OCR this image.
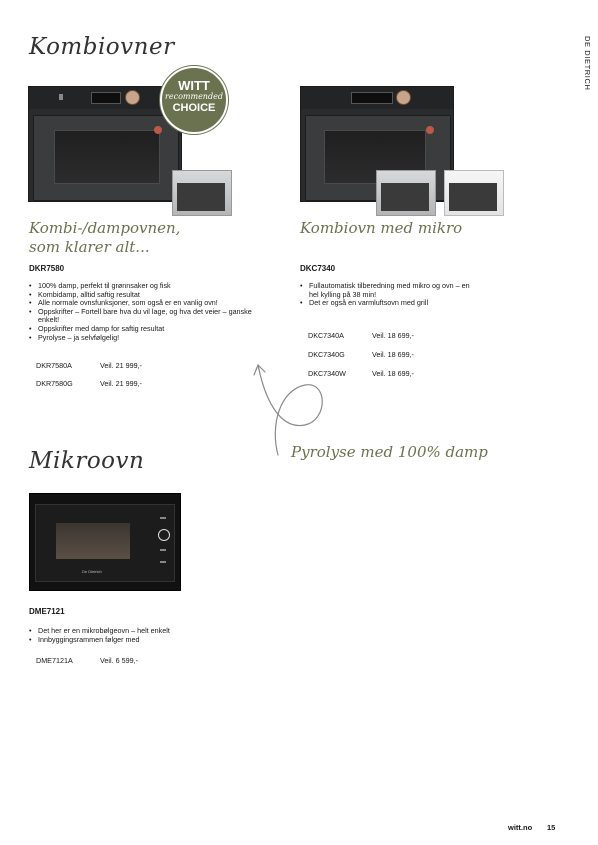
DE DIETRICH
Kombiovner
WITT
recommended
CHOICE
Kombi-/dampovnen,
som klarer alt...
DKR7580
• 100% damp, perfekt til grønnsaker og fisk
• Kombidamp, alltid saftig resultat
• Alle normale ovnsfunksjoner, som også er en vanlig ovn!
• Oppskrifter – Fortell bare hva du vil lage, og hva det veier – ganske enkelt!
• Oppskrifter med damp for saftig resultat
• Pyrolyse – ja selvfølgelig!
DKR7580A	Veil. 21 999,-
DKR7580G	Veil. 21 999,-
Kombiovn med mikro
DKC7340
• Fullautomatisk tilberedning med mikro og ovn – en hel kylling på 38 min!
• Det er også en varmluftsovn med grill
DKC7340A	Veil. 18 699,-
DKC7340G	Veil. 18 699,-
DKC7340W	Veil. 18 699,-
Pyrolyse med 100% damp
Mikroovn
De Dietrich
DME7121
• Det her er en mikrobølgeovn – helt enkelt
• Innbyggingsrammen følger med
DME7121A	Veil. 6 599,-
witt.no 15
